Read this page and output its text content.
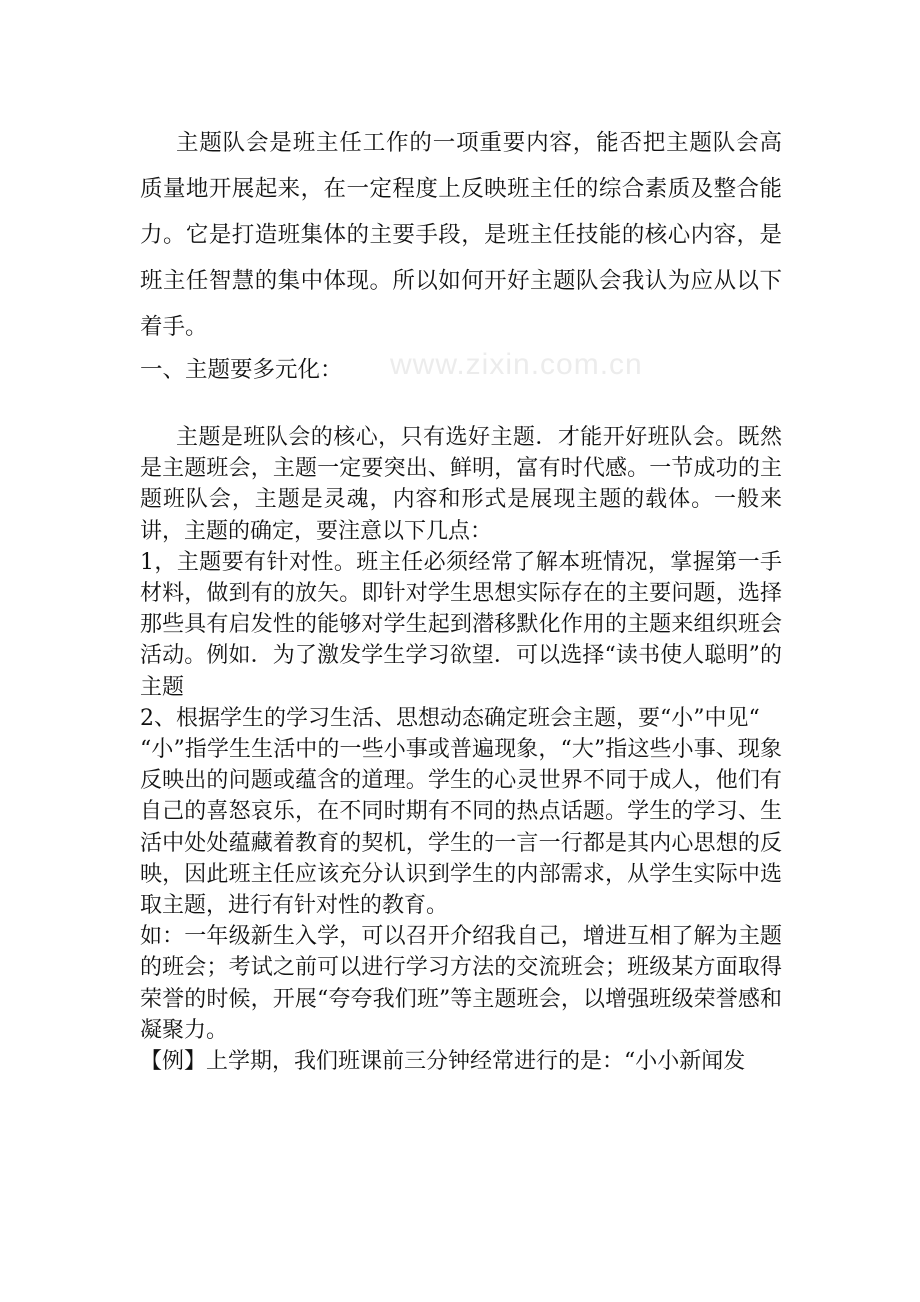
www.zixin.com.cn

主题队会是班主任工作的一项重要内容，能否把主题队会高质量地开展起来，在一定程度上反映班主任的综合素质及整合能力。它是打造班集体的主要手段，是班主任技能的核心内容，是班主任智慧的集中体现。所以如何开好主题队会我认为应从以下着手。

一、主题要多元化：

主题是班队会的核心，只有选好主题．才能开好班队会。既然是主题班会，主题一定要突出、鲜明，富有时代感。一节成功的主题班队会，主题是灵魂，内容和形式是展现主题的载体。一般来讲，主题的确定，要注意以下几点：

1，主题要有针对性。班主任必须经常了解本班情况，掌握第一手材料，做到有的放矢。即针对学生思想实际存在的主要问题，选择那些具有启发性的能够对学生起到潜移默化作用的主题来组织班会活动。例如．为了激发学生学习欲望．可以选择“读书使人聪明”的主题

2、根据学生的学习生活、思想动态确定班会主题，要“小”中见“

“小”指学生生活中的一些小事或普遍现象，“大”指这些小事、现象反映出的问题或蕴含的道理。学生的心灵世界不同于成人，他们有自己的喜怒哀乐，在不同时期有不同的热点话题。学生的学习、生活中处处蕴藏着教育的契机，学生的一言一行都是其内心思想的反映，因此班主任应该充分认识到学生的内部需求，从学生实际中选取主题，进行有针对性的教育。

如：一年级新生入学，可以召开介绍我自己，增进互相了解为主题的班会；考试之前可以进行学习方法的交流班会；班级某方面取得荣誉的时候，开展“夸夸我们班”等主题班会，以增强班级荣誉感和凝聚力。

【例】上学期，我们班课前三分钟经常进行的是：“小小新闻发
